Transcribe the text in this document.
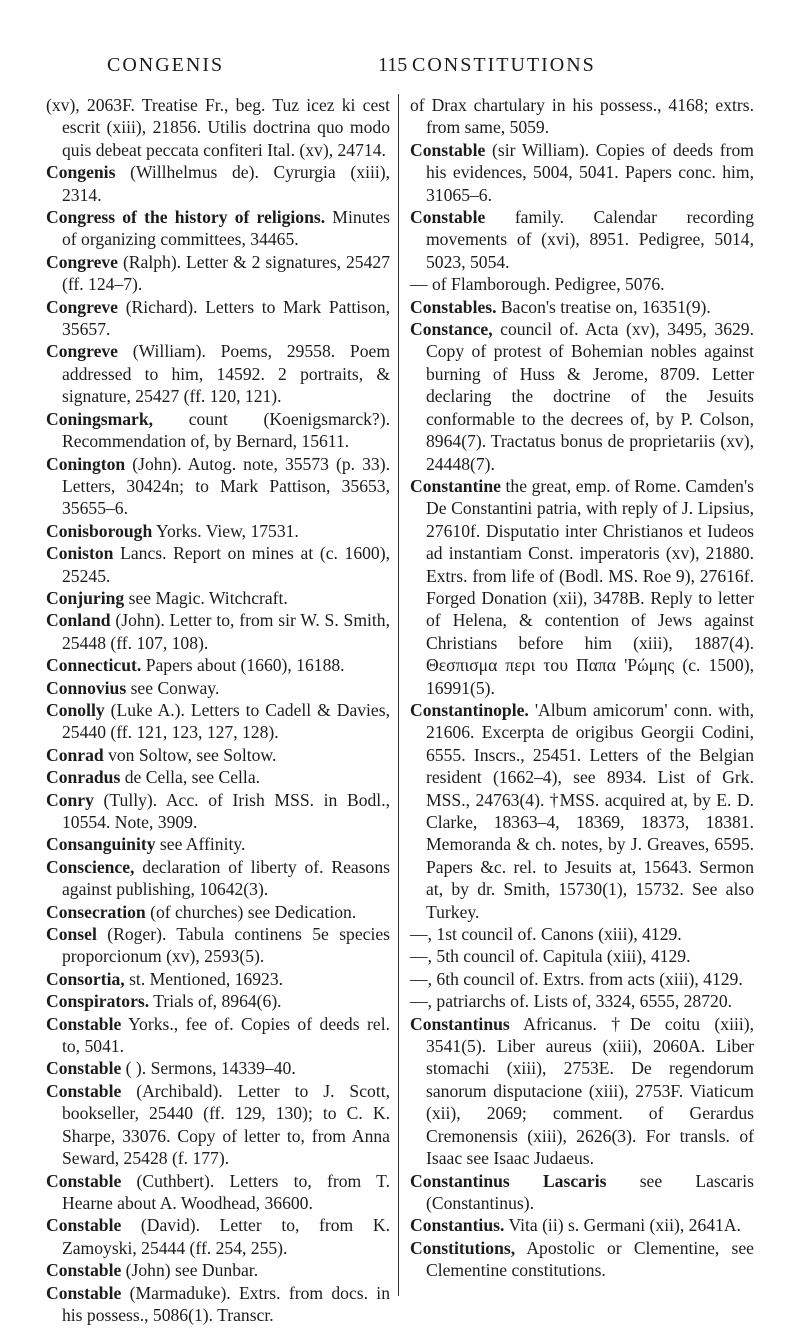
CONGENIS	115 CONSTITUTIONS

(xv), 2063F. Treatise Fr., beg. Tuz icez ki cest escrit (xiii), 21856. Utilis doctrina quo modo quis debeat peccata confiteri Ital. (xv), 24714.

Congenis (Willhelmus de). Cyrurgia (xiii), 2314.

Congress of the history of religions. Minutes of organizing committees, 34465.

Congreve (Ralph). Letter & 2 signatures, 25427 (ff. 124–7).

Congreve (Richard). Letters to Mark Pattison, 35657.

Congreve (William). Poems, 29558. Poem addressed to him, 14592. 2 portraits, & signature, 25427 (ff. 120, 121).

Coningsmark, count (Koenigsmarck?). Recommendation of, by Bernard, 15611.

Conington (John). Autog. note, 35573 (p. 33). Letters, 30424n; to Mark Pattison, 35653, 35655–6.

Conisborough Yorks. View, 17531.

Coniston Lancs. Report on mines at (c. 1600), 25245.

Conjuring see Magic. Witchcraft.

Conland (John). Letter to, from sir W. S. Smith, 25448 (ff. 107, 108).

Connecticut. Papers about (1660), 16188.

Connovius see Conway.

Conolly (Luke A.). Letters to Cadell & Davies, 25440 (ff. 121, 123, 127, 128).

Conrad von Soltow, see Soltow.

Conradus de Cella, see Cella.

Conry (Tully). Acc. of Irish MSS. in Bodl., 10554. Note, 3909.

Consanguinity see Affinity.

Conscience, declaration of liberty of. Reasons against publishing, 10642(3).

Consecration (of churches) see Dedication.

Consel (Roger). Tabula continens 5e species proporcionum (xv), 2593(5).

Consortia, st. Mentioned, 16923.

Conspirators. Trials of, 8964(6).

Constable Yorks., fee of. Copies of deeds rel. to, 5041.

Constable ( ). Sermons, 14339–40.

Constable (Archibald). Letter to J. Scott, bookseller, 25440 (ff. 129, 130); to C. K. Sharpe, 33076. Copy of letter to, from Anna Seward, 25428 (f. 177).

Constable (Cuthbert). Letters to, from T. Hearne about A. Woodhead, 36600.

Constable (David). Letter to, from K. Zamoyski, 25444 (ff. 254, 255).

Constable (John) see Dunbar.

Constable (Marmaduke). Extrs. from docs. in his possess., 5086(1). Transcr.

of Drax chartulary in his possess., 4168; extrs. from same, 5059.

Constable (sir William). Copies of deeds from his evidences, 5004, 5041. Papers conc. him, 31065–6.

Constable family. Calendar recording movements of (xvi), 8951. Pedigree, 5014, 5023, 5054.

— of Flamborough. Pedigree, 5076.

Constables. Bacon's treatise on, 16351(9).

Constance, council of. Acta (xv), 3495, 3629. Copy of protest of Bohemian nobles against burning of Huss & Jerome, 8709. Letter declaring the doctrine of the Jesuits conformable to the decrees of, by P. Colson, 8964(7). Tractatus bonus de proprietariis (xv), 24448(7).

Constantine the great, emp. of Rome. Camden's De Constantini patria, with reply of J. Lipsius, 27610f. Disputatio inter Christianos et Iudeos ad instantiam Const. imperatoris (xv), 21880. Extrs. from life of (Bodl. MS. Roe 9), 27616f. Forged Donation (xii), 3478B. Reply to letter of Helena, & contention of Jews against Christians before him (xiii), 1887(4). Θεσπισμα περι του Παπα 'Ρώμης (c. 1500), 16991(5).

Constantinople. 'Album amicorum' conn. with, 21606. Excerpta de origibus Georgii Codini, 6555. Inscrs., 25451. Letters of the Belgian resident (1662–4), see 8934. List of Grk. MSS., 24763(4). †MSS. acquired at, by E. D. Clarke, 18363–4, 18369, 18373, 18381. Memoranda & ch. notes, by J. Greaves, 6595. Papers &c. rel. to Jesuits at, 15643. Sermon at, by dr. Smith, 15730(1), 15732. See also Turkey.

—, 1st council of. Canons (xiii), 4129.

—, 5th council of. Capitula (xiii), 4129.

—, 6th council of. Extrs. from acts (xiii), 4129.

—, patriarchs of. Lists of, 3324, 6555, 28720.

Constantinus Africanus. †De coitu (xiii), 3541(5). Liber aureus (xiii), 2060A. Liber stomachi (xiii), 2753E. De regendorum sanorum disputacione (xiii), 2753F. Viaticum (xii), 2069; comment. of Gerardus Cremonensis (xiii), 2626(3). For transls. of Isaac see Isaac Judaeus.

Constantinus Lascaris see Lascaris (Constantinus).

Constantius. Vita (ii) s. Germani (xii), 2641A.

Constitutions, Apostolic or Clementine, see Clementine constitutions.
